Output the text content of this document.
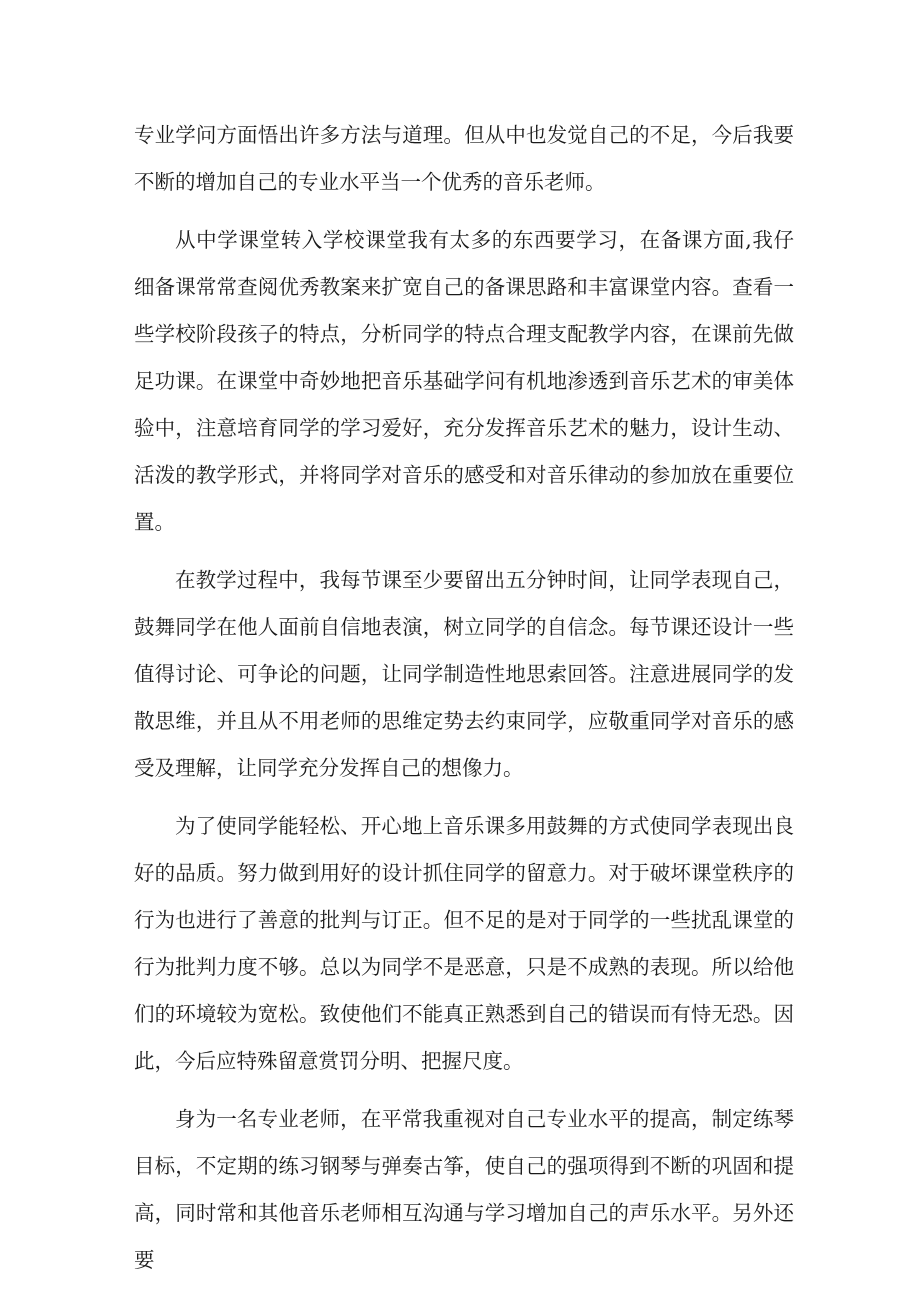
专业学问方面悟出许多方法与道理。但从中也发觉自己的不足，今后我要不断的增加自己的专业水平当一个优秀的音乐老师。

从中学课堂转入学校课堂我有太多的东西要学习，在备课方面,我仔细备课常常查阅优秀教案来扩宽自己的备课思路和丰富课堂内容。查看一些学校阶段孩子的特点，分析同学的特点合理支配教学内容，在课前先做足功课。在课堂中奇妙地把音乐基础学问有机地渗透到音乐艺术的审美体验中，注意培育同学的学习爱好，充分发挥音乐艺术的魅力，设计生动、活泼的教学形式，并将同学对音乐的感受和对音乐律动的参加放在重要位置。

在教学过程中，我每节课至少要留出五分钟时间，让同学表现自己，鼓舞同学在他人面前自信地表演，树立同学的自信念。每节课还设计一些值得讨论、可争论的问题，让同学制造性地思索回答。注意进展同学的发散思维，并且从不用老师的思维定势去约束同学，应敬重同学对音乐的感受及理解，让同学充分发挥自己的想像力。

为了使同学能轻松、开心地上音乐课多用鼓舞的方式使同学表现出良好的品质。努力做到用好的设计抓住同学的留意力。对于破坏课堂秩序的行为也进行了善意的批判与订正。但不足的是对于同学的一些扰乱课堂的行为批判力度不够。总以为同学不是恶意，只是不成熟的表现。所以给他们的环境较为宽松。致使他们不能真正熟悉到自己的错误而有恃无恐。因此，今后应特殊留意赏罚分明、把握尺度。

身为一名专业老师，在平常我重视对自己专业水平的提高，制定练琴目标，不定期的练习钢琴与弹奏古筝，使自己的强项得到不断的巩固和提高，同时常和其他音乐老师相互沟通与学习增加自己的声乐水平。另外还要
